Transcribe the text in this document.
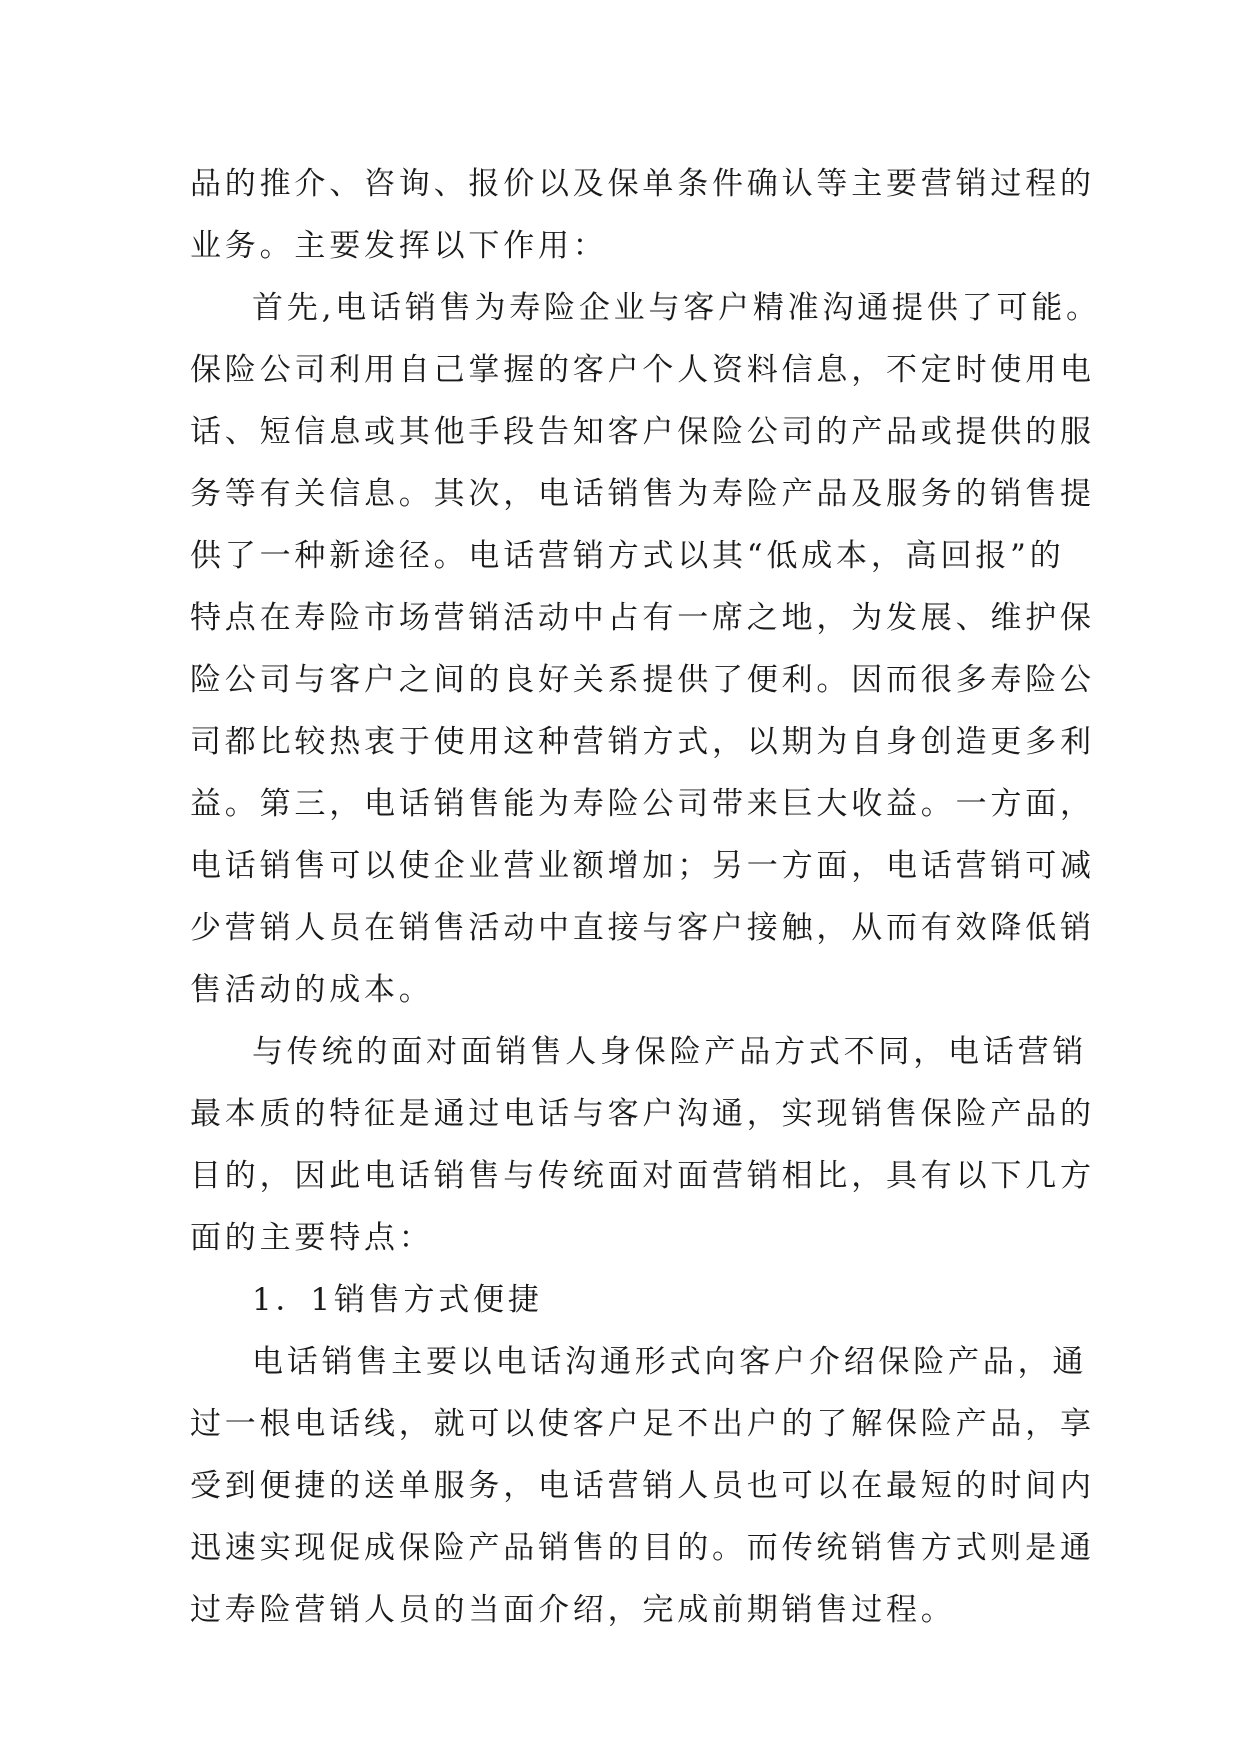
品的推介、咨询、报价以及保单条件确认等主要营销过程的

业务。主要发挥以下作用：

首先,电话销售为寿险企业与客户精准沟通提供了可能。

保险公司利用自己掌握的客户个人资料信息，不定时使用电

话、短信息或其他手段告知客户保险公司的产品或提供的服

务等有关信息。其次，电话销售为寿险产品及服务的销售提

供了一种新途径。电话营销方式以其“低成本，高回报”的

特点在寿险市场营销活动中占有一席之地，为发展、维护保

险公司与客户之间的良好关系提供了便利。因而很多寿险公

司都比较热衷于使用这种营销方式，以期为自身创造更多利

益。第三，电话销售能为寿险公司带来巨大收益。一方面，

电话销售可以使企业营业额增加；另一方面，电话营销可减

少营销人员在销售活动中直接与客户接触，从而有效降低销

售活动的成本。

与传统的面对面销售人身保险产品方式不同，电话营销

最本质的特征是通过电话与客户沟通，实现销售保险产品的

目的，因此电话销售与传统面对面营销相比，具有以下几方

面的主要特点：

1．1销售方式便捷

电话销售主要以电话沟通形式向客户介绍保险产品，通

过一根电话线，就可以使客户足不出户的了解保险产品，享

受到便捷的送单服务，电话营销人员也可以在最短的时间内

迅速实现促成保险产品销售的目的。而传统销售方式则是通

过寿险营销人员的当面介绍，完成前期销售过程。
